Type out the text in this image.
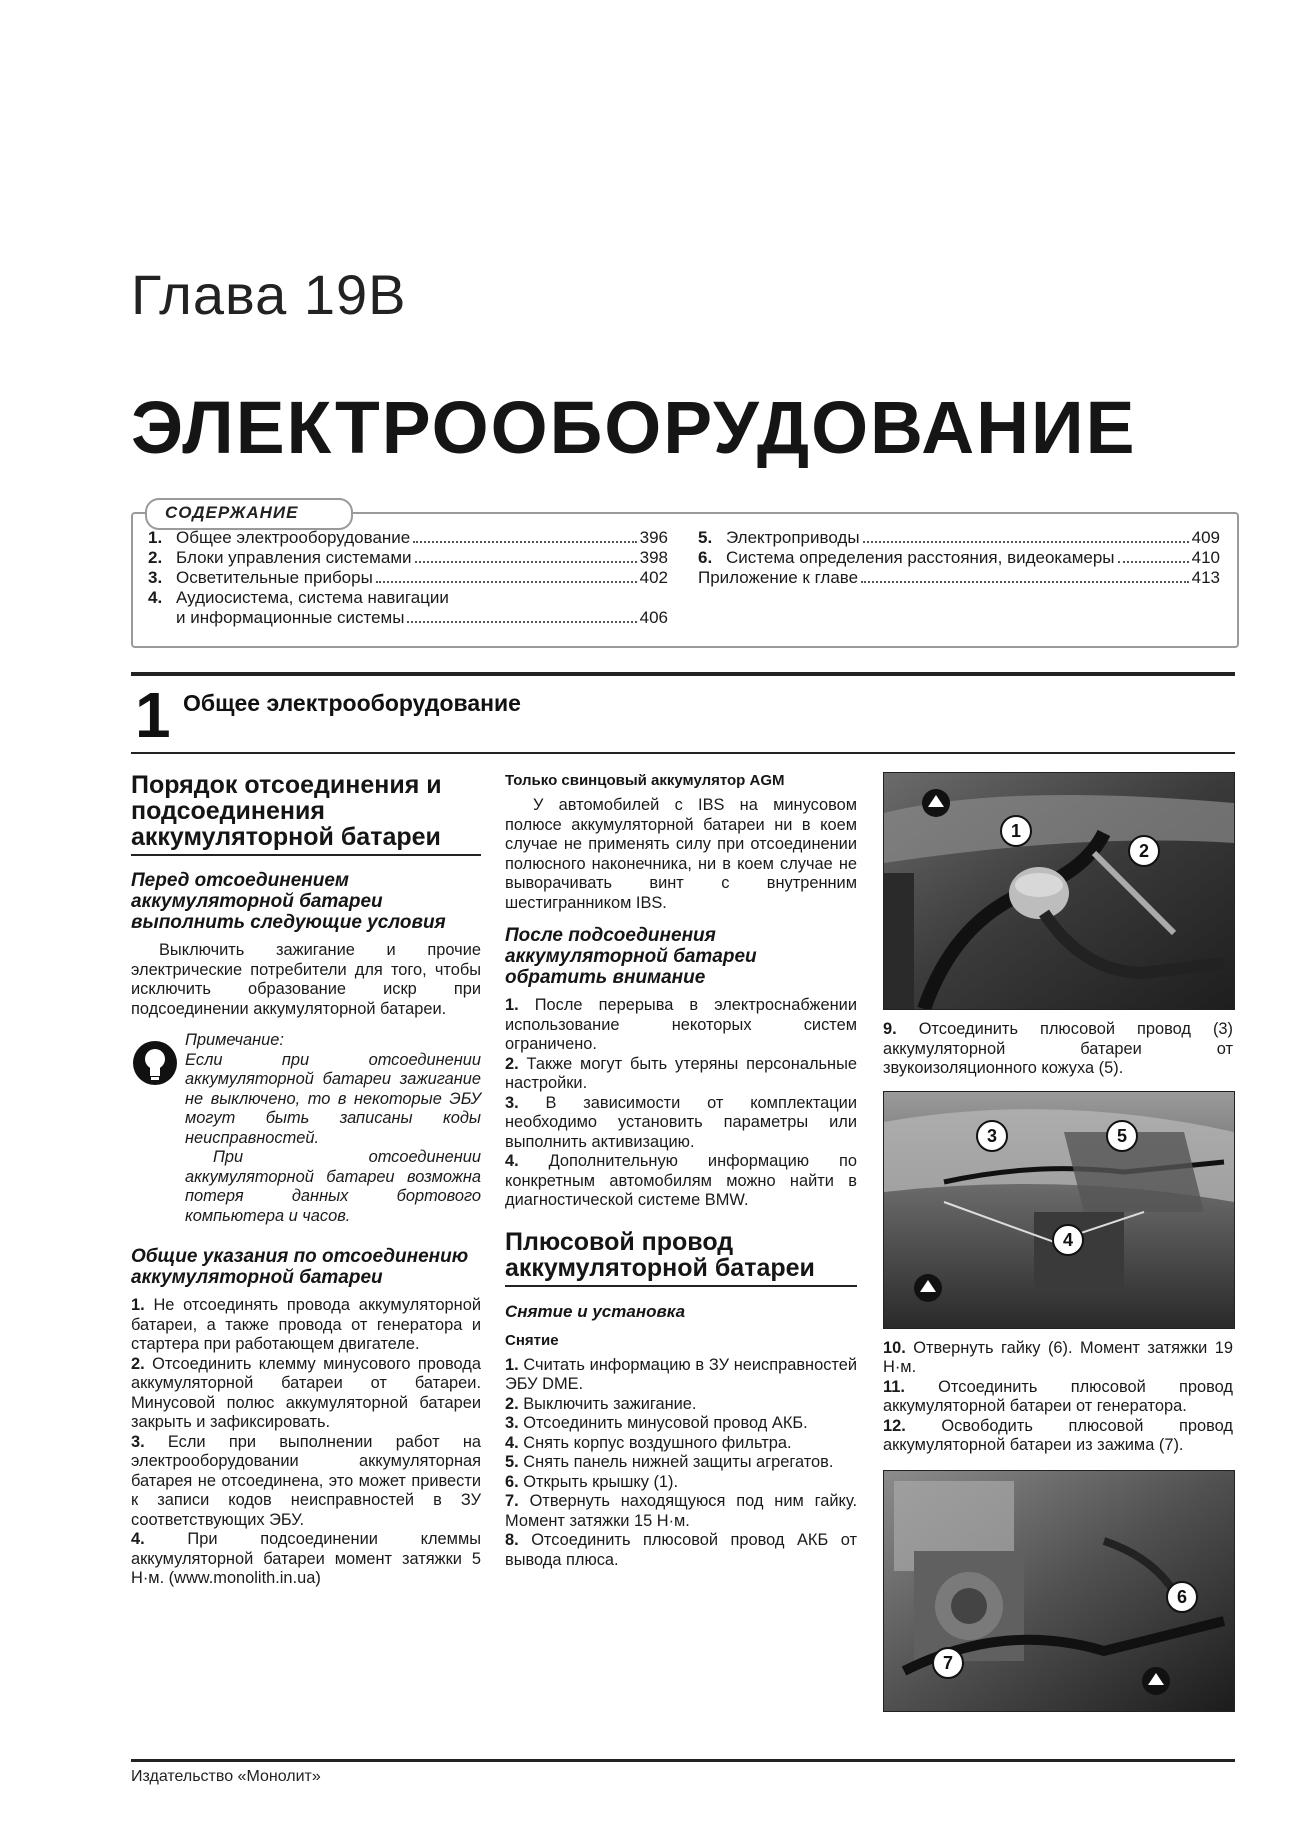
Глава 19B
ЭЛЕКТРООБОРУДОВАНИЕ
СОДЕРЖАНИЕ
1. Общее электрооборудование	396
2. Блоки управления системами	398
3. Осветительные приборы	402
4. Аудиосистема, система навигации
и информационные системы	406
5. Электроприводы	409
6. Система определения расстояния, видеокамеры	410
Приложение к главе	413
1 Общее электрооборудование
Порядок отсоединения и подсоединения аккумуляторной батареи
Перед отсоединением аккумуляторной батареи выполнить следующие условия

Выключить зажигание и прочие электрические потребители для того, чтобы исключить образование искр при подсоединении аккумуляторной батареи.

Примечание:
Если при отсоединении аккумуляторной батареи зажигание не выключено, то в некоторые ЭБУ могут быть записаны коды неисправностей.
При отсоединении аккумуляторной батареи возможна потеря данных бортового компьютера и часов.
Общие указания по отсоединению аккумуляторной батареи

1. Не отсоединять провода аккумуляторной батареи, а также провода от генератора и стартера при работающем двигателе.

2. Отсоединить клемму минусового провода аккумуляторной батареи от батареи. Минусовой полюс аккумуляторной батареи закрыть и зафиксировать.

3. Если при выполнении работ на электрооборудовании аккумуляторная батарея не отсоединена, это может привести к записи кодов неисправностей в ЗУ соответствующих ЭБУ.

4.	При подсоединении клеммы аккумуляторной батареи момент затяжки 5 Н·м. (www.monolith.in.ua)

Только свинцовый аккумулятор AGM

У автомобилей с IBS на минусовом полюсе аккумуляторной батареи ни в коем случае не применять силу при отсоединении полюсного наконечника, ни в коем случае не выворачивать винт с внутренним шестигранником IBS.

После подсоединения аккумуляторной батареи обратить внимание

1. После перерыва в электроснабжении использование некоторых систем ограничено.

2. Также могут быть утеряны персональные настройки.

3. В зависимости от комплектации необходимо установить параметры или выполнить активизацию.

4. Дополнительную информацию по конкретным автомобилям можно найти в диагностической системе BMW.

Плюсовой провод аккумуляторной батареи
Снятие и установка
Снятие

1. Считать информацию в ЗУ неисправностей ЭБУ DME.

2. Выключить зажигание.

3. Отсоединить минусовой провод АКБ.

4. Снять корпус воздушного фильтра.

5. Снять панель нижней защиты агрегатов.

6. Открыть крышку (1).

7. Отвернуть находящуюся под ним гайку. Момент затяжки 15 Н·м.

8. Отсоединить плюсовой провод АКБ от вывода плюса.

1
2

9. Отсоединить плюсовой провод (3) аккумуляторной батареи от звукоизоляционного кожуха (5).

3	5
4

10. Отвернуть гайку (6). Момент затяжки 19 Н·м.

11. Отсоединить плюсовой провод аккумуляторной батареи от генератора.

12. Освободить плюсовой провод аккумуляторной батареи из зажима (7).

6
7
Издательство «Монолит»
